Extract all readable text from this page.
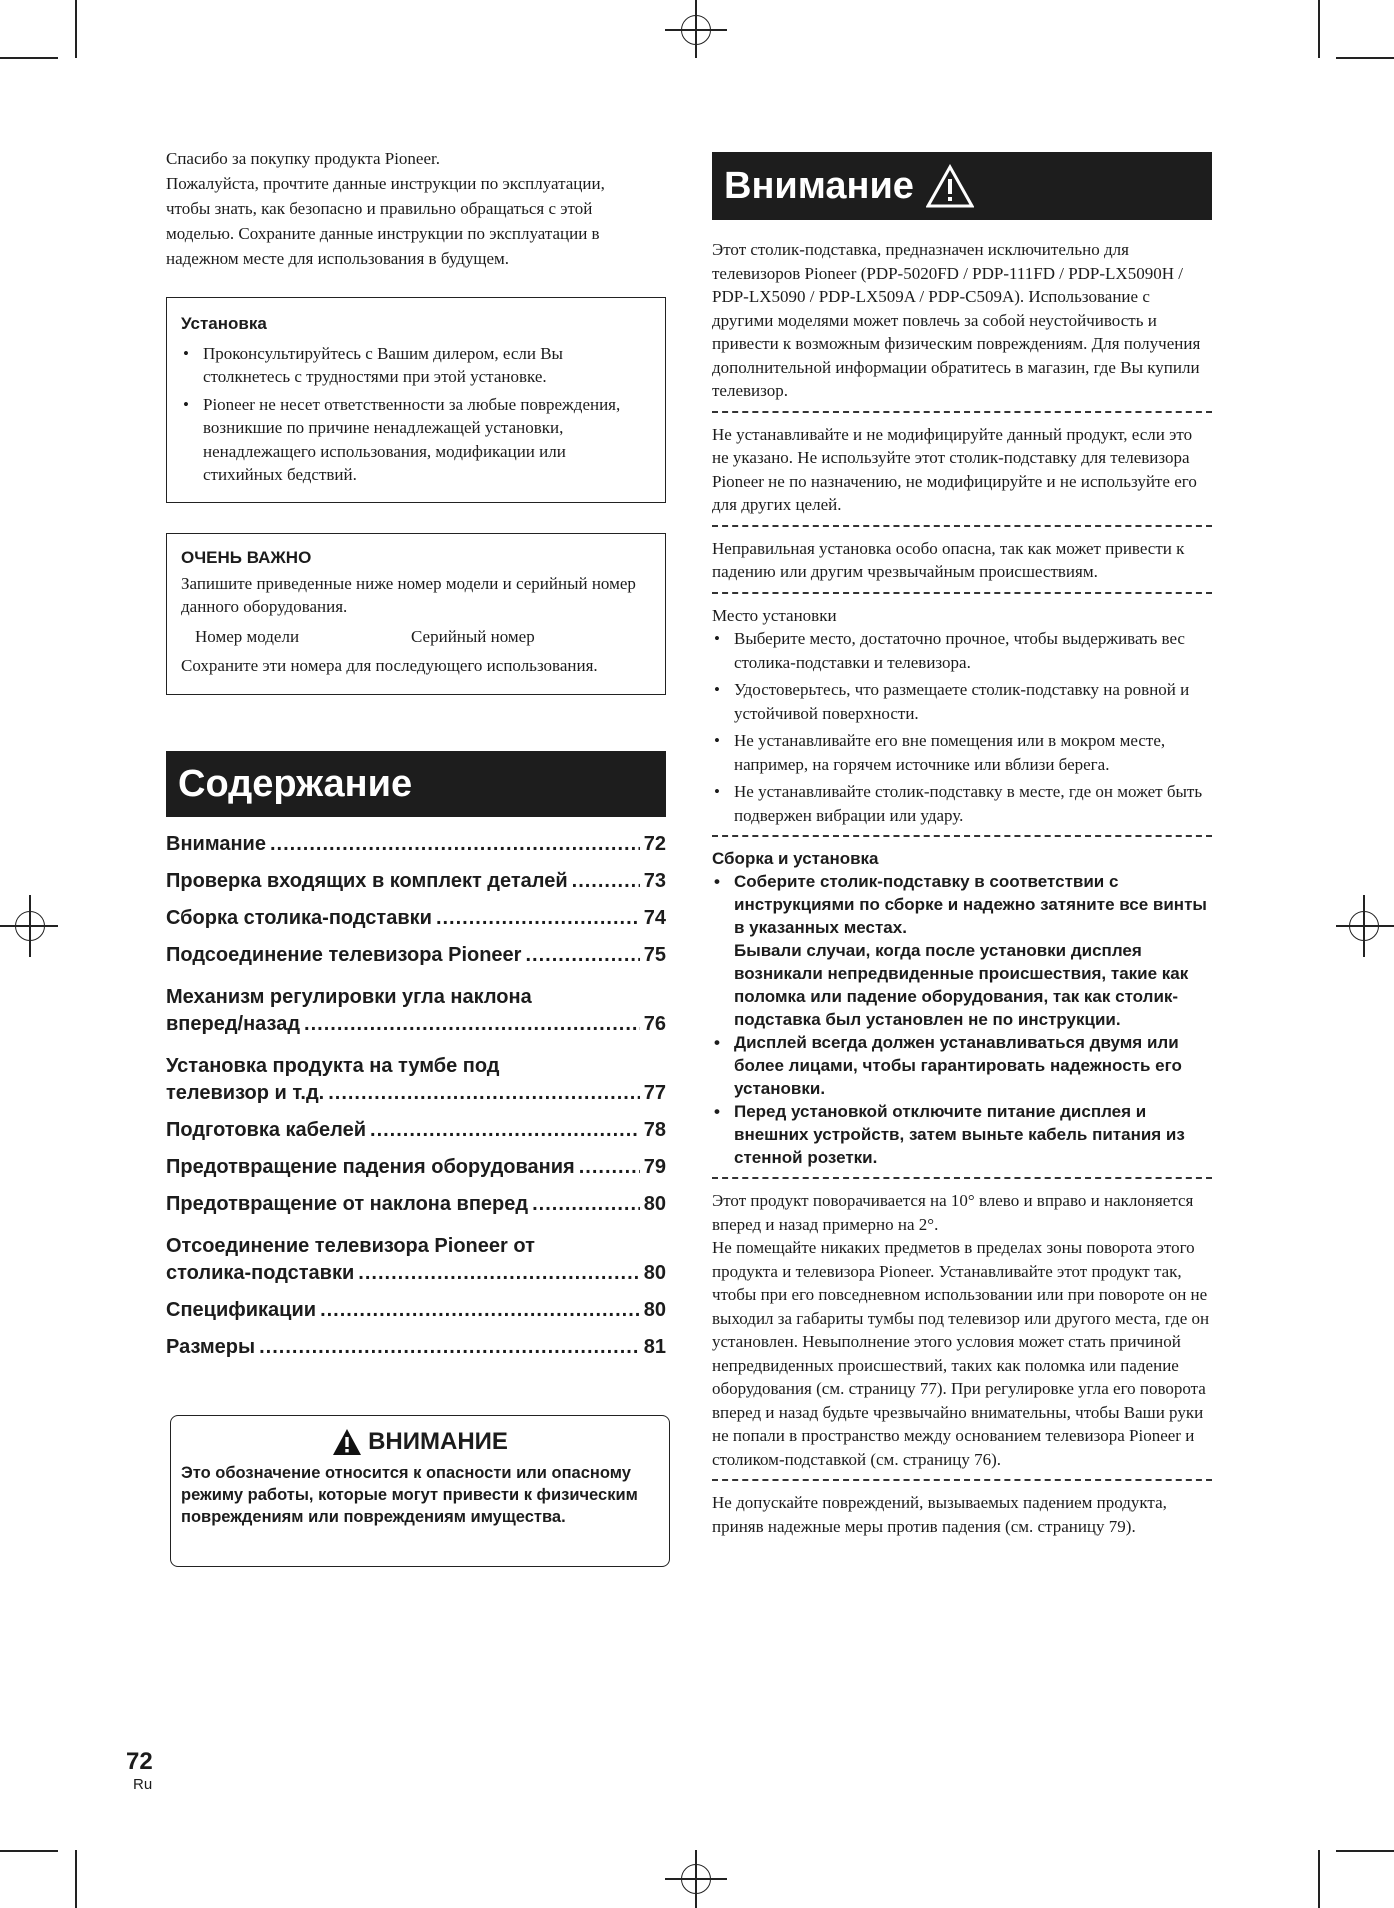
Спасибо за покупку продукта Pioneer.
Пожалуйста, прочтите данные инструкции по эксплуатации,
чтобы знать, как безопасно и правильно обращаться с этой
моделью. Сохраните данные инструкции по эксплуатации в
надежном месте для использования в будущем.
Установка
• Проконсультируйтесь с Вашим дилером, если Вы столкнетесь с трудностями при этой установке.
• Pioneer не несет ответственности за любые повреждения, возникшие по причине ненадлежащей установки, ненадлежащего использования, модификации или стихийных бедствий.
ОЧЕНЬ ВАЖНО
Запишите приведенные ниже номер модели и серийный номер данного оборудования.
Номер модели	Серийный номер
Сохраните эти номера для последующего использования.
Содержание
Внимание .....	72
Проверка входящих в комплект деталей .....	73
Сборка столика-подставки .....	74
Подсоединение телевизора Pioneer .....	75
Механизм регулировки угла наклона
вперед/назад .....	76
Установка продукта на тумбе под
телевизор и т.д. .....	77
Подготовка кабелей .....	78
Предотвращение падения оборудования .....	79
Предотвращение от наклона вперед .....	80
Отсоединение телевизора Pioneer от
столика-подставки .....	80
Спецификации .....	80
Размеры .....	81
ВНИМАНИЕ
Это обозначение относится к опасности или опасному режиму работы, которые могут привести к физическим повреждениям или повреждениям имущества.
Внимание
Этот столик-подставка, предназначен исключительно для телевизоров Pioneer (PDP-5020FD / PDP-111FD / PDP-LX5090H / PDP-LX5090 / PDP-LX509A / PDP-C509A). Использование с другими моделями может повлечь за собой неустойчивость и привести к возможным физическим повреждениям. Для получения дополнительной информации обратитесь в магазин, где Вы купили телевизор.
Не устанавливайте и не модифицируйте данный продукт, если это не указано. Не используйте этот столик-подставку для телевизора Pioneer не по назначению, не модифицируйте и не используйте его для других целей.
Неправильная установка особо опасна, так как может привести к падению или другим чрезвычайным происшествиям.
Место установки
• Выберите место, достаточно прочное, чтобы выдерживать вес столика-подставки и телевизора.
• Удостоверьтесь, что размещаете столик-подставку на ровной и устойчивой поверхности.
• Не устанавливайте его вне помещения или в мокром месте, например, на горячем источнике или вблизи берега.
• Не устанавливайте столик-подставку в месте, где он может быть подвержен вибрации или удару.
Сборка и установка
• Соберите столик-подставку в соответствии с инструкциями по сборке и надежно затяните все винты в указанных местах.
Бывали случаи, когда после установки дисплея возникали непредвиденные происшествия, такие как поломка или падение оборудования, так как столик-подставка был установлен не по инструкции.
• Дисплей всегда должен устанавливаться двумя или более лицами, чтобы гарантировать надежность его установки.
• Перед установкой отключите питание дисплея и внешних устройств, затем выньте кабель питания из стенной розетки.
Этот продукт поворачивается на 10° влево и вправо и наклоняется вперед и назад примерно на 2°.
Не помещайте никаких предметов в пределах зоны поворота этого продукта и телевизора Pioneer. Устанавливайте этот продукт так, чтобы при его повседневном использовании или при повороте он не выходил за габариты тумбы под телевизор или другого места, где он установлен. Невыполнение этого условия может стать причиной непредвиденных происшествий, таких как поломка или падение оборудования (см. страницу 77). При регулировке угла его поворота вперед и назад будьте чрезвычайно внимательны, чтобы Ваши руки не попали в пространство между основанием телевизора Pioneer и столиком-подставкой (см. страницу 76).
Не допускайте повреждений, вызываемых падением продукта, приняв надежные меры против падения (см. страницу 79).
72
Ru
